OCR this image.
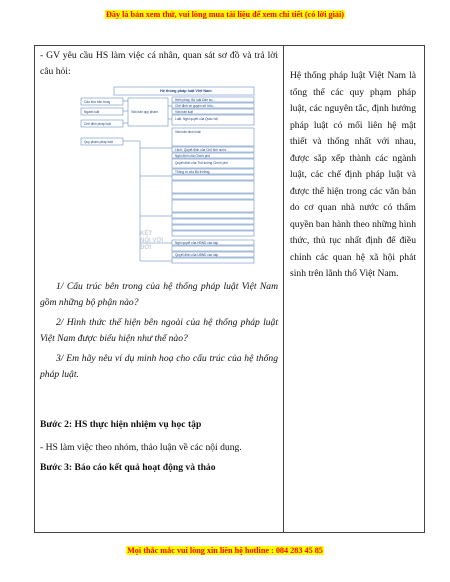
Đây là bản xem thử, vui lòng mua tài liệu để xem chi tiết (có lời giải)

- GV yêu cầu HS làm việc cá nhân, quan sát sơ đồ và trả lời câu hỏi:

Hệ thống pháp luật Việt Nam
Cấu trúc bên trong
Ngành luật
Chế định pháp luật
Quy phạm pháp luật
Văn bản quy phạm
Hiến pháp, Bộ luật Dân sự...
Chế định về quyền sở hữu...
Văn bản luật
Luật, Nghị quyết của Quốc hội
Văn bản dưới luật
Lệnh, Quyết định của Chủ tịch nước
Nghị định của Chính phủ
Quyết định của Thủ tướng Chính phủ
Thông tư của Bộ trưởng
Nghị quyết của HĐND các cấp
Quyết định của UBND các cấp
KẾT NỐI VỚI ĐỜI

1/ Cấu trúc bên trong của hệ thống pháp luật Việt Nam gồm những bộ phận nào?

2/ Hình thức thể hiện bên ngoài của hệ thống pháp luật Việt Nam được biểu hiện như thế nào?

3/ Em hãy nêu ví dụ minh hoạ cho cấu trúc của hệ thống pháp luật.

Bước 2: HS thực hiện nhiệm vụ học tập

- HS làm việc theo nhóm, thảo luận về các nội dung.

Bước 3: Báo cáo kết quả hoạt động và thảo

Hệ thống pháp luật Việt Nam là tổng thể các quy phạm pháp luật, các nguyên tắc, định hướng pháp luật có mối liên hệ mật thiết và thống nhất với nhau, được sắp xếp thành các ngành luật, các chế định pháp luật và được thể hiện trong các văn bản do cơ quan nhà nước có thẩm quyền ban hành theo những hình thức, thủ tục nhất định để điều chỉnh các quan hệ xã hội phát sinh trên lãnh thổ Việt Nam.

Mọi thắc mắc vui lòng xin liên hệ hotline : 084 283 45 85
